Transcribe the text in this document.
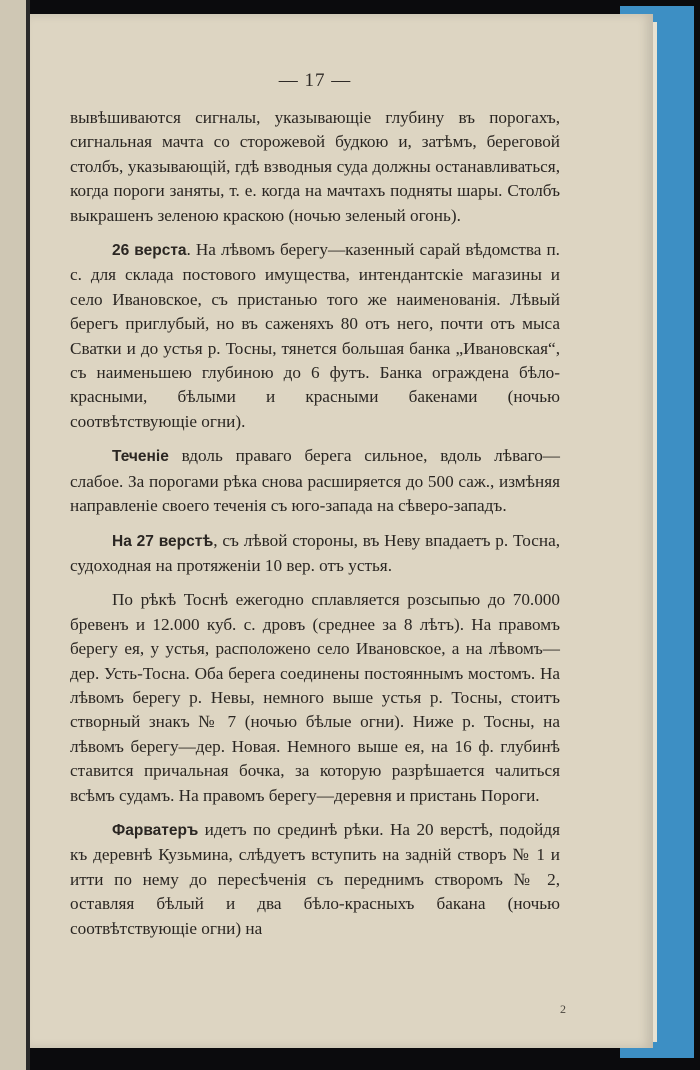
— 17 —

вывѣшиваются сигналы, указывающіе глубину въ порогахъ, сигнальная мачта со сторожевой будкою и, затѣмъ, береговой столбъ, указывающій, гдѣ взводныя суда должны останавливаться, когда пороги заняты, т. е. когда на мачтахъ подняты шары. Столбъ выкрашенъ зеленою краскою (ночью зеленый огонь).

26 верста. На лѣвомъ берегу—казенный сарай вѣдомства п. с. для склада постового имущества, интендантскіе магазины и село Ивановское, съ пристанью того же наименованія. Лѣвый берегъ приглубый, но въ саженяхъ 80 отъ него, почти отъ мыса Сватки и до устья р. Тосны, тянется большая банка „Ивановская“, съ наименьшею глубиною до 6 футъ. Банка ограждена бѣло-красными, бѣлыми и красными бакенами (ночью соотвѣтствующіе огни).

Теченіе вдоль праваго берега сильное, вдоль лѣваго—слабое. За порогами рѣка снова расширяется до 500 саж., измѣняя направленіе своего теченія съ юго-запада на сѣверо-западъ.

На 27 верстѣ, съ лѣвой стороны, въ Неву впадаетъ р. Тосна, судоходная на протяженіи 10 вер. отъ устья.

По рѣкѣ Тоснѣ ежегодно сплавляется розсыпью до 70.000 бревенъ и 12.000 куб. с. дровъ (среднее за 8 лѣтъ). На правомъ берегу ея, у устья, расположено село Ивановское, а на лѣвомъ—дер. Усть-Тосна. Оба берега соединены постояннымъ мостомъ. На лѣвомъ берегу р. Невы, немного выше устья р. Тосны, стоитъ створный знакъ № 7 (ночью бѣлые огни). Ниже р. Тосны, на лѣвомъ берегу—дер. Новая. Немного выше ея, на 16 ф. глубинѣ ставится причальная бочка, за которую разрѣшается чалиться всѣмъ судамъ. На правомъ берегу—деревня и пристань Пороги.

Фарватеръ идетъ по срединѣ рѣки. На 20 верстѣ, подойдя къ деревнѣ Кузьмина, слѣдуетъ вступить на задній створъ № 1 и итти по нему до пересѣченія съ переднимъ створомъ № 2, оставляя бѣлый и два бѣло-красныхъ бакана (ночью соотвѣтствующіе огни) на

2
